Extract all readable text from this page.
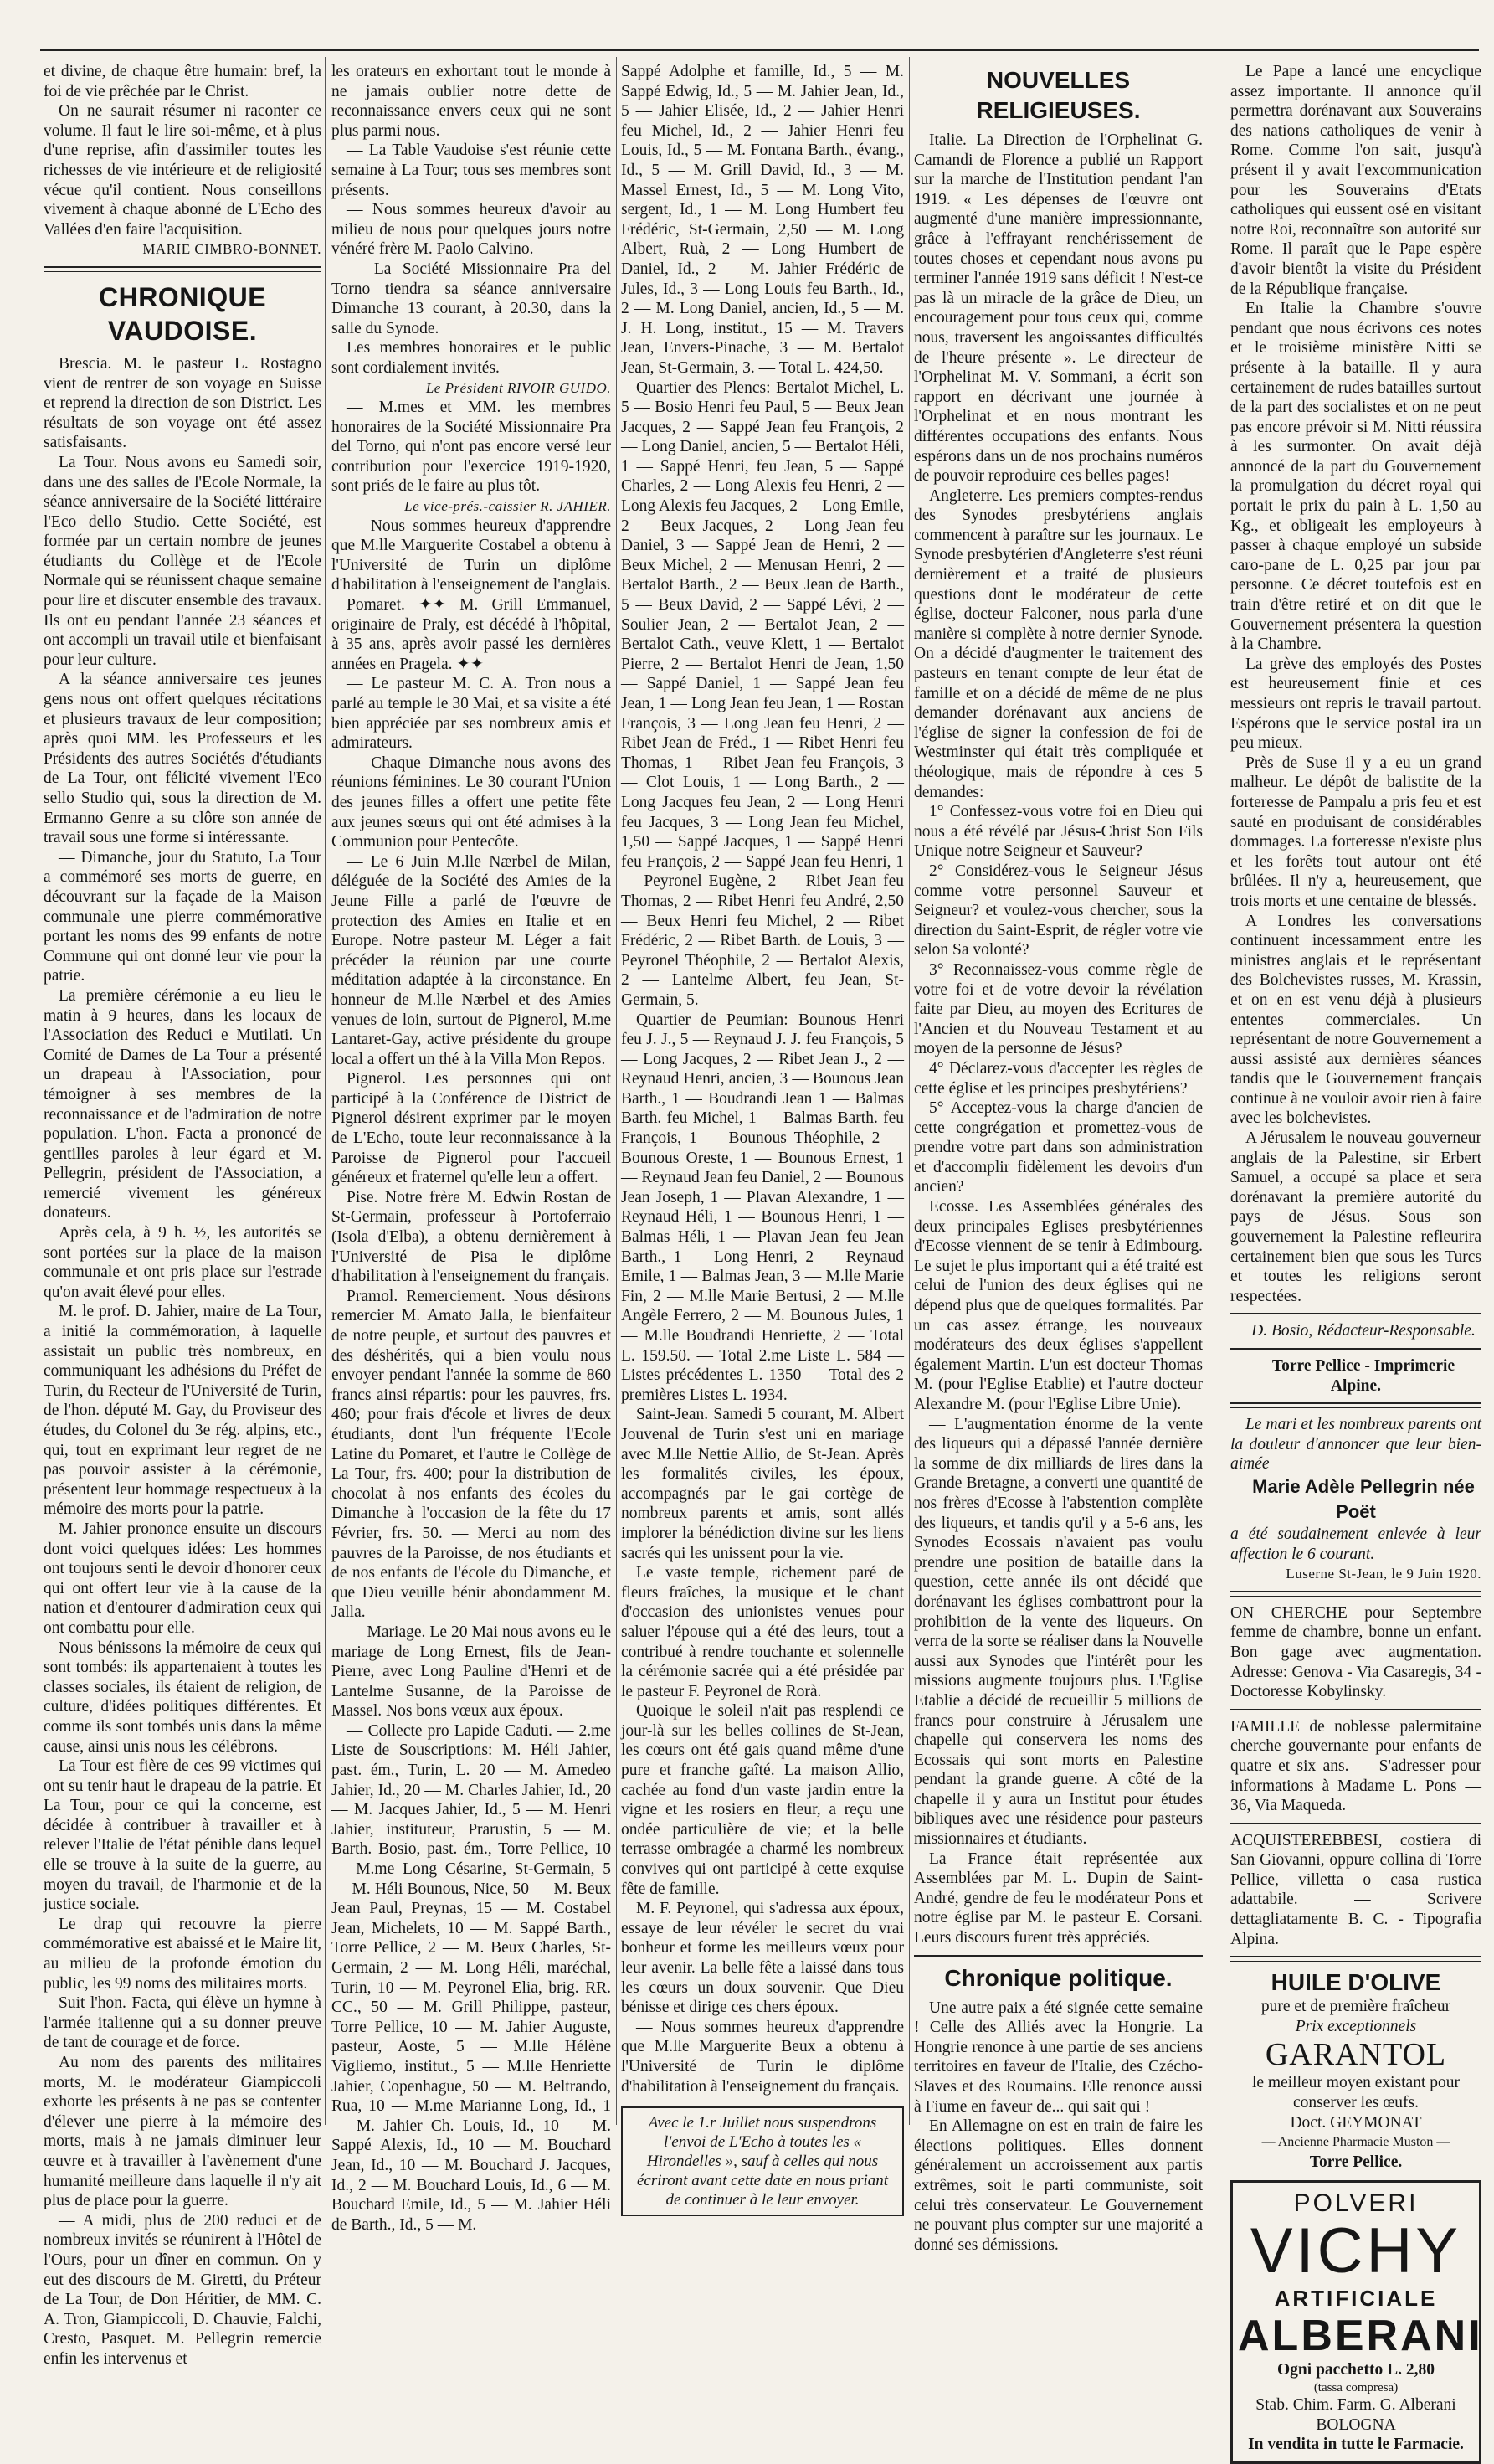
et divine, de chaque être humain: bref, la foi de vie prêchée par le Christ.

On ne saurait résumer ni raconter ce volume. Il faut le lire soi-même, et à plus d'une reprise, afin d'assimiler toutes les richesses de vie intérieure et de religiosité vécue qu'il contient. Nous conseillons vivement à chaque abonné de L'Echo des Vallées d'en faire l'acquisition.

MARIE CIMBRO-BONNET.

CHRONIQUE VAUDOISE.

Brescia. M. le pasteur L. Rostagno vient de rentrer de son voyage en Suisse et reprend la direction de son District. Les résultats de son voyage ont été assez satisfaisants.

La Tour. Nous avons eu Samedi soir, dans une des salles de l'Ecole Normale, la séance anniversaire de la Société littéraire l'Eco dello Studio. Cette Société, est formée par un certain nombre de jeunes étudiants du Collège et de l'Ecole Normale qui se réunissent chaque semaine pour lire et discuter ensemble des travaux. Ils ont eu pendant l'année 23 séances et ont accompli un travail utile et bienfaisant pour leur culture.

A la séance anniversaire ces jeunes gens nous ont offert quelques récitations et plusieurs travaux de leur composition; après quoi MM. les Professeurs et les Présidents des autres Sociétés d'étudiants de La Tour, ont félicité vivement l'Eco sello Studio qui, sous la direction de M. Ermanno Genre a su clôre son année de travail sous une forme si intéressante.

— Dimanche, jour du Statuto, La Tour a commémoré ses morts de guerre, en découvrant sur la façade de la Maison communale une pierre commémorative portant les noms des 99 enfants de notre Commune qui ont donné leur vie pour la patrie.

La première cérémonie a eu lieu le matin à 9 heures, dans les locaux de l'Association des Reduci e Mutilati. Un Comité de Dames de La Tour a présenté un drapeau à l'Association, pour témoigner à ses membres de la reconnaissance et de l'admiration de notre population. L'hon. Facta a prononcé de gentilles paroles à leur égard et M. Pellegrin, président de l'Association, a remercié vivement les généreux donateurs.

Après cela, à 9 h. ½, les autorités se sont portées sur la place de la maison communale et ont pris place sur l'estrade qu'on avait élevé pour elles.

M. le prof. D. Jahier, maire de La Tour, a initié la commémoration, à laquelle assistait un public très nombreux, en communiquant les adhésions du Préfet de Turin, du Recteur de l'Université de Turin, de l'hon. député M. Gay, du Proviseur des études, du Colonel du 3e rég. alpins, etc., qui, tout en exprimant leur regret de ne pas pouvoir assister à la cérémonie, présentent leur hommage respectueux à la mémoire des morts pour la patrie.

M. Jahier prononce ensuite un discours dont voici quelques idées: Les hommes ont toujours senti le devoir d'honorer ceux qui ont offert leur vie à la cause de la nation et d'entourer d'admiration ceux qui ont combattu pour elle.

Nous bénissons la mémoire de ceux qui sont tombés: ils appartenaient à toutes les classes sociales, ils étaient de religion, de culture, d'idées politiques différentes. Et comme ils sont tombés unis dans la même cause, ainsi unis nous les célébrons.

La Tour est fière de ces 99 victimes qui ont su tenir haut le drapeau de la patrie. Et La Tour, pour ce qui la concerne, est décidée à contribuer à travailler et à relever l'Italie de l'état pénible dans lequel elle se trouve à la suite de la guerre, au moyen du travail, de l'harmonie et de la justice sociale.

Le drap qui recouvre la pierre commémorative est abaissé et le Maire lit, au milieu de la profonde émotion du public, les 99 noms des militaires morts.

Suit l'hon. Facta, qui élève un hymne à l'armée italienne qui a su donner preuve de tant de courage et de force.

Au nom des parents des militaires morts, M. le modérateur Giampiccoli exhorte les présents à ne pas se contenter d'élever une pierre à la mémoire des morts, mais à ne jamais diminuer leur œuvre et à travailler à l'avènement d'une humanité meilleure dans laquelle il n'y ait plus de place pour la guerre.

— A midi, plus de 200 reduci et de nombreux invités se réunirent à l'Hôtel de l'Ours, pour un dîner en commun. On y eut des discours de M. Giretti, du Préteur de La Tour, de Don Héritier, de MM. C. A. Tron, Giampiccoli, D. Chauvie, Falchi, Cresto, Pasquet. M. Pellegrin remercie enfin les intervenus et

les orateurs en exhortant tout le monde à ne jamais oublier notre dette de reconnaissance envers ceux qui ne sont plus parmi nous.

— La Table Vaudoise s'est réunie cette semaine à La Tour; tous ses membres sont présents.

— Nous sommes heureux d'avoir au milieu de nous pour quelques jours notre vénéré frère M. Paolo Calvino.

— La Société Missionnaire Pra del Torno tiendra sa séance anniversaire Dimanche 13 courant, à 20.30, dans la salle du Synode.

Les membres honoraires et le public sont cordialement invités.

Le Président RIVOIR GUIDO.

— M.mes et MM. les membres honoraires de la Société Missionnaire Pra del Torno, qui n'ont pas encore versé leur contribution pour l'exercice 1919-1920, sont priés de le faire au plus tôt.

Le vice-prés.-caissier R. JAHIER.

— Nous sommes heureux d'apprendre que M.lle Marguerite Costabel a obtenu à l'Université de Turin un diplôme d'habilitation à l'enseignement de l'anglais.

Pomaret. ✦✦ M. Grill Emmanuel, originaire de Praly, est décédé à l'hôpital, à 35 ans, après avoir passé les dernières années en Pragela. ✦✦

— Le pasteur M. C. A. Tron nous a parlé au temple le 30 Mai, et sa visite a été bien appréciée par ses nombreux amis et admirateurs.

— Chaque Dimanche nous avons des réunions féminines. Le 30 courant l'Union des jeunes filles a offert une petite fête aux jeunes sœurs qui ont été admises à la Communion pour Pentecôte.

— Le 6 Juin M.lle Nærbel de Milan, déléguée de la Société des Amies de la Jeune Fille a parlé de l'œuvre de protection des Amies en Italie et en Europe. Notre pasteur M. Léger a fait précéder la réunion par une courte méditation adaptée à la circonstance. En honneur de M.lle Nærbel et des Amies venues de loin, surtout de Pignerol, M.me Lantaret-Gay, active présidente du groupe local a offert un thé à la Villa Mon Repos.

Pignerol. Les personnes qui ont participé à la Conférence de District de Pignerol désirent exprimer par le moyen de L'Echo, toute leur reconnaissance à la Paroisse de Pignerol pour l'accueil généreux et fraternel qu'elle leur a offert.

Pise. Notre frère M. Edwin Rostan de St-Germain, professeur à Portoferraio (Isola d'Elba), a obtenu dernièrement à l'Université de Pisa le diplôme d'habilitation à l'enseignement du français.

Pramol. Remerciement. Nous désirons remercier M. Amato Jalla, le bienfaiteur de notre peuple, et surtout des pauvres et des déshérités, qui a bien voulu nous envoyer pendant l'année la somme de 860 francs ainsi répartis: pour les pauvres, frs. 460; pour frais d'école et livres de deux étudiants, dont l'un fréquente l'Ecole Latine du Pomaret, et l'autre le Collège de La Tour, frs. 400; pour la distribution de chocolat à nos enfants des écoles du Dimanche à l'occasion de la fête du 17 Février, frs. 50. — Merci au nom des pauvres de la Paroisse, de nos étudiants et de nos enfants de l'école du Dimanche, et que Dieu veuille bénir abondamment M. Jalla.

— Mariage. Le 20 Mai nous avons eu le mariage de Long Ernest, fils de Jean-Pierre, avec Long Pauline d'Henri et de Lantelme Susanne, de la Paroisse de Massel. Nos bons vœux aux époux.

— Collecte pro Lapide Caduti. — 2.me Liste de Souscriptions: M. Héli Jahier, past. ém., Turin, L. 20 — M. Amedeo Jahier, Id., 20 — M. Charles Jahier, Id., 20 — M. Jacques Jahier, Id., 5 — M. Henri Jahier, instituteur, Prarustin, 5 — M. Barth. Bosio, past. ém., Torre Pellice, 10 — M.me Long Césarine, St-Germain, 5 — M. Héli Bounous, Nice, 50 — M. Beux Jean Paul, Preynas, 15 — M. Costabel Jean, Michelets, 10 — M. Sappé Barth., Torre Pellice, 2 — M. Beux Charles, St-Germain, 2 — M. Long Héli, maréchal, Turin, 10 — M. Peyronel Elia, brig. RR. CC., 50 — M. Grill Philippe, pasteur, Torre Pellice, 10 — M. Jahier Auguste, pasteur, Aoste, 5 — M.lle Hélène Vigliemo, institut., 5 — M.lle Henriette Jahier, Copenhague, 50 — M. Beltrando, Rua, 10 — M.me Marianne Long, Id., 1 — M. Jahier Ch. Louis, Id., 10 — M. Sappé Alexis, Id., 10 — M. Bouchard Jean, Id., 10 — M. Bouchard J. Jacques, Id., 2 — M. Bouchard Louis, Id., 6 — M. Bouchard Emile, Id., 5 — M. Jahier Héli de Barth., Id., 5 — M.

Sappé Adolphe et famille, Id., 5 — M. Sappé Edwig, Id., 5 — M. Jahier Jean, Id., 5 — Jahier Elisée, Id., 2 — Jahier Henri feu Michel, Id., 2 — Jahier Henri feu Louis, Id., 5 — M. Fontana Barth., évang., Id., 5 — M. Grill David, Id., 3 — M. Massel Ernest, Id., 5 — M. Long Vito, sergent, Id., 1 — M. Long Humbert feu Frédéric, St-Germain, 2,50 — M. Long Albert, Ruà, 2 — Long Humbert de Daniel, Id., 2 — M. Jahier Frédéric de Jules, Id., 3 — Long Louis feu Barth., Id., 2 — M. Long Daniel, ancien, Id., 5 — M. J. H. Long, institut., 15 — M. Travers Jean, Envers-Pinache, 3 — M. Bertalot Jean, St-Germain, 3. — Total L. 424,50.

Quartier des Plencs: Bertalot Michel, L. 5 — Bosio Henri feu Paul, 5 — Beux Jean Jacques, 2 — Sappé Jean feu François, 2 — Long Daniel, ancien, 5 — Bertalot Héli, 1 — Sappé Henri, feu Jean, 5 — Sappé Charles, 2 — Long Alexis feu Henri, 2 — Long Alexis feu Jacques, 2 — Long Emile, 2 — Beux Jacques, 2 — Long Jean feu Daniel, 3 — Sappé Jean de Henri, 2 — Beux Michel, 2 — Menusan Henri, 2 — Bertalot Barth., 2 — Beux Jean de Barth., 5 — Beux David, 2 — Sappé Lévi, 2 — Soulier Jean, 2 — Bertalot Jean, 2 — Bertalot Cath., veuve Klett, 1 — Bertalot Pierre, 2 — Bertalot Henri de Jean, 1,50 — Sappé Daniel, 1 — Sappé Jean feu Jean, 1 — Long Jean feu Jean, 1 — Rostan François, 3 — Long Jean feu Henri, 2 — Ribet Jean de Fréd., 1 — Ribet Henri feu Thomas, 1 — Ribet Jean feu François, 3 — Clot Louis, 1 — Long Barth., 2 — Long Jacques feu Jean, 2 — Long Henri feu Jacques, 3 — Long Jean feu Michel, 1,50 — Sappé Jacques, 1 — Sappé Henri feu François, 2 — Sappé Jean feu Henri, 1 — Peyronel Eugène, 2 — Ribet Jean feu Thomas, 2 — Ribet Henri feu André, 2,50 — Beux Henri feu Michel, 2 — Ribet Frédéric, 2 — Ribet Barth. de Louis, 3 — Peyronel Théophile, 2 — Bertalot Alexis, 2 — Lantelme Albert, feu Jean, St-Germain, 5.

Quartier de Peumian: Bounous Henri feu J. J., 5 — Reynaud J. J. feu François, 5 — Long Jacques, 2 — Ribet Jean J., 2 — Reynaud Henri, ancien, 3 — Bounous Jean Barth., 1 — Boudrandi Jean 1 — Balmas Barth. feu Michel, 1 — Balmas Barth. feu François, 1 — Bounous Théophile, 2 — Bounous Oreste, 1 — Bounous Ernest, 1 — Reynaud Jean feu Daniel, 2 — Bounous Jean Joseph, 1 — Plavan Alexandre, 1 — Reynaud Héli, 1 — Bounous Henri, 1 — Balmas Héli, 1 — Plavan Jean feu Jean Barth., 1 — Long Henri, 2 — Reynaud Emile, 1 — Balmas Jean, 3 — M.lle Marie Fin, 2 — M.lle Marie Bertusi, 2 — M.lle Angèle Ferrero, 2 — M. Bounous Jules, 1 — M.lle Boudrandi Henriette, 2 — Total L. 159.50. — Total 2.me Liste L. 584 — Listes précédentes L. 1350 — Total des 2 premières Listes L. 1934.

Saint-Jean. Samedi 5 courant, M. Albert Jouvenal de Turin s'est uni en mariage avec M.lle Nettie Allio, de St-Jean. Après les formalités civiles, les époux, accompagnés par le gai cortège de nombreux parents et amis, sont allés implorer la bénédiction divine sur les liens sacrés qui les unissent pour la vie.

Le vaste temple, richement paré de fleurs fraîches, la musique et le chant d'occasion des unionistes venues pour saluer l'épouse qui a été des leurs, tout a contribué à rendre touchante et solennelle la cérémonie sacrée qui a été présidée par le pasteur F. Peyronel de Rorà.

Quoique le soleil n'ait pas resplendi ce jour-là sur les belles collines de St-Jean, les cœurs ont été gais quand même d'une pure et franche gaîté. La maison Allio, cachée au fond d'un vaste jardin entre la vigne et les rosiers en fleur, a reçu une ondée particulière de vie; et la belle terrasse ombragée a charmé les nombreux convives qui ont participé à cette exquise fête de famille.

M. F. Peyronel, qui s'adressa aux époux, essaye de leur révéler le secret du vrai bonheur et forme les meilleurs vœux pour leur avenir. La belle fête a laissé dans tous les cœurs un doux souvenir. Que Dieu bénisse et dirige ces chers époux.

— Nous sommes heureux d'apprendre que M.lle Marguerite Beux a obtenu à l'Université de Turin le diplôme d'habilitation à l'enseignement du français.

Avec le 1.r Juillet nous suspendrons l'envoi de L'Echo à toutes les « Hirondelles », sauf à celles qui nous écriront avant cette date en nous priant de continuer à le leur envoyer.
NOUVELLES RELIGIEUSES.

Italie. La Direction de l'Orphelinat G. Camandi de Florence a publié un Rapport sur la marche de l'Institution pendant l'an 1919. « Les dépenses de l'œuvre ont augmenté d'une manière impressionnante, grâce à l'effrayant renchérissement de toutes choses et cependant nous avons pu terminer l'année 1919 sans déficit ! N'est-ce pas là un miracle de la grâce de Dieu, un encouragement pour tous ceux qui, comme nous, traversent les angoissantes difficultés de l'heure présente ». Le directeur de l'Orphelinat M. V. Sommani, a écrit son rapport en décrivant une journée à l'Orphelinat et en nous montrant les différentes occupations des enfants. Nous espérons dans un de nos prochains numéros de pouvoir reproduire ces belles pages!

Angleterre. Les premiers comptes-rendus des Synodes presbytériens anglais commencent à paraître sur les journaux. Le Synode presbytérien d'Angleterre s'est réuni dernièrement et a traité de plusieurs questions dont le modérateur de cette église, docteur Falconer, nous parla d'une manière si complète à notre dernier Synode. On a décidé d'augmenter le traitement des pasteurs en tenant compte de leur état de famille et on a décidé de même de ne plus demander dorénavant aux anciens de l'église de signer la confession de foi de Westminster qui était très compliquée et théologique, mais de répondre à ces 5 demandes:

1° Confessez-vous votre foi en Dieu qui nous a été révélé par Jésus-Christ Son Fils Unique notre Seigneur et Sauveur?

2° Considérez-vous le Seigneur Jésus comme votre personnel Sauveur et Seigneur? et voulez-vous chercher, sous la direction du Saint-Esprit, de régler votre vie selon Sa volonté?

3° Reconnaissez-vous comme règle de votre foi et de votre devoir la révélation faite par Dieu, au moyen des Ecritures de l'Ancien et du Nouveau Testament et au moyen de la personne de Jésus?

4° Déclarez-vous d'accepter les règles de cette église et les principes presbytériens?

5° Acceptez-vous la charge d'ancien de cette congrégation et promettez-vous de prendre votre part dans son administration et d'accomplir fidèlement les devoirs d'un ancien?

Ecosse. Les Assemblées générales des deux principales Eglises presbytériennes d'Ecosse viennent de se tenir à Edimbourg. Le sujet le plus important qui a été traité est celui de l'union des deux églises qui ne dépend plus que de quelques formalités. Par un cas assez étrange, les nouveaux modérateurs des deux églises s'appellent également Martin. L'un est docteur Thomas M. (pour l'Eglise Etablie) et l'autre docteur Alexandre M. (pour l'Eglise Libre Unie).

— L'augmentation énorme de la vente des liqueurs qui a dépassé l'année dernière la somme de dix milliards de lires dans la Grande Bretagne, a converti une quantité de nos frères d'Ecosse à l'abstention complète des liqueurs, et tandis qu'il y a 5-6 ans, les Synodes Ecossais n'avaient pas voulu prendre une position de bataille dans la question, cette année ils ont décidé que dorénavant les églises combattront pour la prohibition de la vente des liqueurs. On verra de la sorte se réaliser dans la Nouvelle aussi aux Synodes que l'intérêt pour les missions augmente toujours plus. L'Eglise Etablie a décidé de recueillir 5 millions de francs pour construire à Jérusalem une chapelle qui conservera les noms des Ecossais qui sont morts en Palestine pendant la grande guerre. A côté de la chapelle il y aura un Institut pour études bibliques avec une résidence pour pasteurs missionnaires et étudiants.

La France était représentée aux Assemblées par M. L. Dupin de Saint-André, gendre de feu le modérateur Pons et notre église par M. le pasteur E. Corsani. Leurs discours furent très appréciés.

Chronique politique.

Une autre paix a été signée cette semaine ! Celle des Alliés avec la Hongrie. La Hongrie renonce à une partie de ses anciens territoires en faveur de l'Italie, des Czécho-Slaves et des Roumains. Elle renonce aussi à Fiume en faveur de... qui sait qui !

En Allemagne on est en train de faire les élections politiques. Elles donnent généralement un accroissement aux partis extrêmes, soit le parti communiste, soit celui très conservateur. Le Gouvernement ne pouvant plus compter sur une majorité a donné ses démissions.

Le Pape a lancé une encyclique assez importante. Il annonce qu'il permettra dorénavant aux Souverains des nations catholiques de venir à Rome. Comme l'on sait, jusqu'à présent il y avait l'excommunication pour les Souverains d'Etats catholiques qui eussent osé en visitant notre Roi, reconnaître son autorité sur Rome. Il paraît que le Pape espère d'avoir bientôt la visite du Président de la République française.

En Italie la Chambre s'ouvre pendant que nous écrivons ces notes et le troisième ministère Nitti se présente à la bataille. Il y aura certainement de rudes batailles surtout de la part des socialistes et on ne peut pas encore prévoir si M. Nitti réussira à les surmonter. On avait déjà annoncé de la part du Gouvernement la promulgation du décret royal qui portait le prix du pain à L. 1,50 au Kg., et obligeait les employeurs à passer à chaque employé un subside caro-pane de L. 0,25 par jour par personne. Ce décret toutefois est en train d'être retiré et on dit que le Gouvernement présentera la question à la Chambre.

La grève des employés des Postes est heureusement finie et ces messieurs ont repris le travail partout. Espérons que le service postal ira un peu mieux.

Près de Suse il y a eu un grand malheur. Le dépôt de balistite de la forteresse de Pampalu a pris feu et est sauté en produisant de considérables dommages. La forteresse n'existe plus et les forêts tout autour ont été brûlées. Il n'y a, heureusement, que trois morts et une centaine de blessés.

A Londres les conversations continuent incessamment entre les ministres anglais et le représentant des Bolchevistes russes, M. Krassin, et on en est venu déjà à plusieurs ententes commerciales. Un représentant de notre Gouvernement a aussi assisté aux dernières séances tandis que le Gouvernement français continue à ne vouloir avoir rien à faire avec les bolchevistes.

A Jérusalem le nouveau gouverneur anglais de la Palestine, sir Erbert Samuel, a occupé sa place et sera dorénavant la première autorité du pays de Jésus. Sous son gouvernement la Palestine refleurira certainement bien que sous les Turcs et toutes les religions seront respectées.

D. Bosio, Rédacteur-Responsable.

Torre Pellice - Imprimerie Alpine.

Le mari et les nombreux parents ont la douleur d'annoncer que leur bien-aimée

Marie Adèle Pellegrin née Poët

a été soudainement enlevée à leur affection le 6 courant.

Luserne St-Jean, le 9 Juin 1920.

ON CHERCHE pour Septembre femme de chambre, bonne un enfant. Bon gage avec augmentation. Adresse: Genova - Via Casaregis, 34 - Doctoresse Kobylinsky.

FAMILLE de noblesse palermitaine cherche gouvernante pour enfants de quatre et six ans. — S'adresser pour informations à Madame L. Pons — 36, Via Maqueda.

ACQUISTEREBBESI, costiera di San Giovanni, oppure collina di Torre Pellice, villetta o casa rustica adattabile. — Scrivere dettagliatamente B. C. - Tipografia Alpina.

HUILE D'OLIVE

pure et de première fraîcheur

Prix exceptionnels

GARANTOL

le meilleur moyen existant pour conserver les œufs.

Doct. GEYMONAT

— Ancienne Pharmacie Muston —

Torre Pellice.

POLVERI
VICHY
ARTIFICIALE
ALBERANI
Ogni pacchetto L. 2,80
(tassa compresa)
Stab. Chim. Farm. G. Alberani
BOLOGNA
In vendita in tutte le Farmacie.
